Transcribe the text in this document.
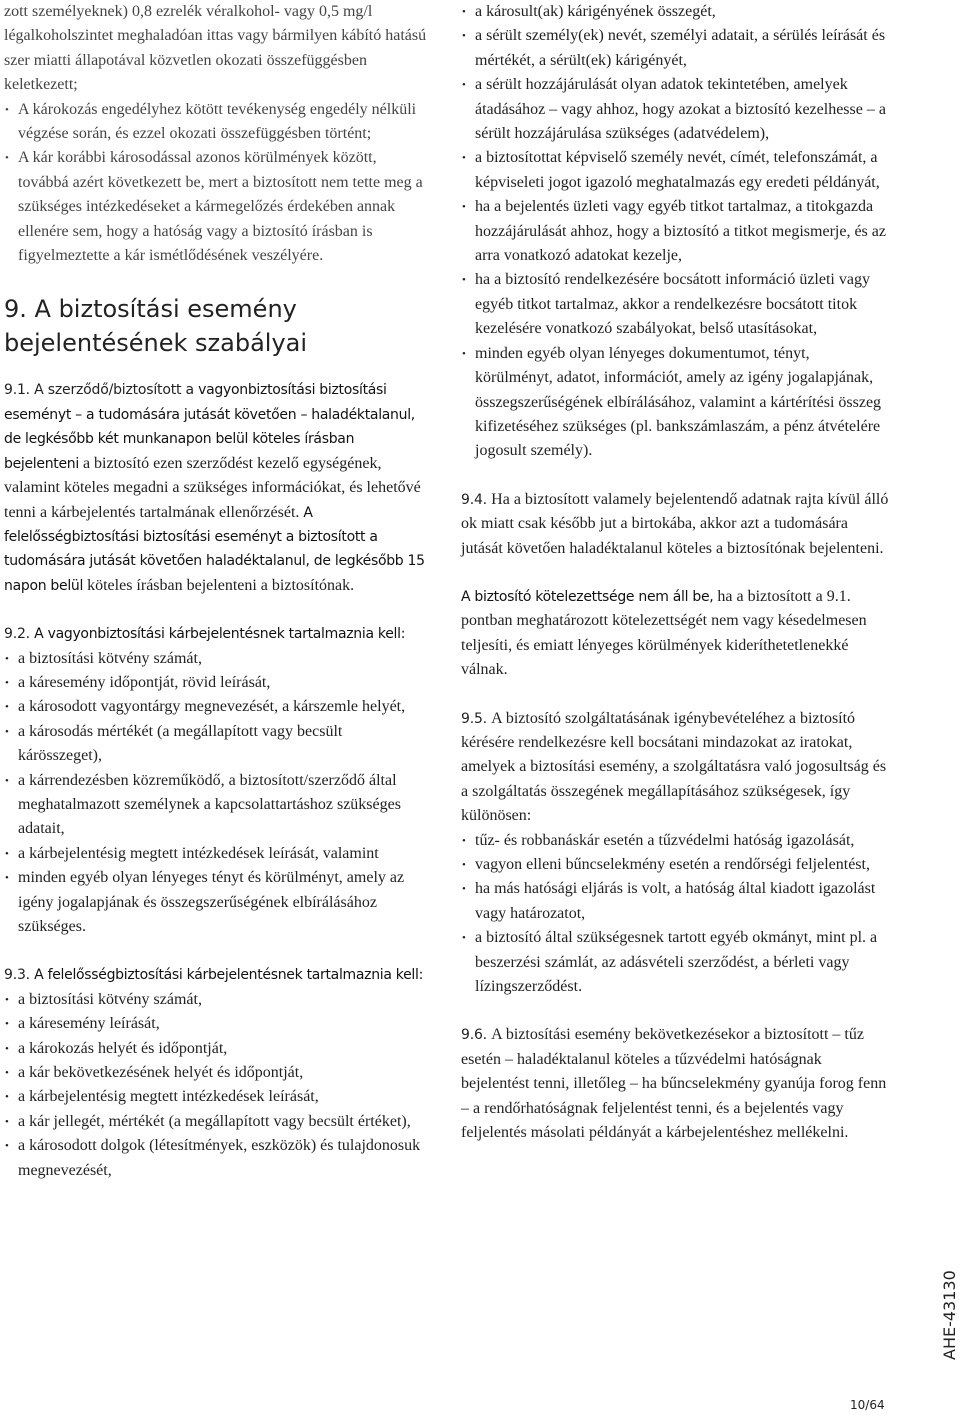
zott személyeknek) 0,8 ezrelék véralkohol- vagy 0,5 mg/l légalkoholszintet meghaladóan ittas vagy bármilyen kábító hatású szer miatti állapotával közvetlen okozati összefüggésben keletkezett;

• A károkozás engedélyhez kötött tevékenység engedély nélküli végzése során, és ezzel okozati összefüggésben történt;
• A kár korábbi károsodással azonos körülmények között, továbbá azért következett be, mert a biztosított nem tette meg a szükséges intézkedéseket a kármegelőzés érdekében annak ellenére sem, hogy a hatóság vagy a biztosító írásban is figyelmeztette a kár ismétlődésének veszélyére.
9. A biztosítási esemény bejelentésének szabályai

9.1. A szerződő/biztosított a vagyonbiztosítási biztosítási eseményt – a tudomására jutását követően – haladéktalanul, de legkésőbb két munkanapon belül köteles írásban bejelenteni a biztosító ezen szerződést kezelő egységének, valamint köteles megadni a szükséges információkat, és lehetővé tenni a kárbejelentés tartalmának ellenőrzését. A felelősségbiztosítási biztosítási eseményt a biztosított a tudomására jutását követően haladéktalanul, de legkésőbb 15 napon belül köteles írásban bejelenteni a biztosítónak.

9.2. A vagyonbiztosítási kárbejelentésnek tartalmaznia kell:

• a biztosítási kötvény számát,
• a káresemény időpontját, rövid leírását,
• a károsodott vagyontárgy megnevezését, a kárszemle helyét,
• a károsodás mértékét (a megállapított vagy becsült kárösszeget),
• a kárrendezésben közreműködő, a biztosított/szerződő által meghatalmazott személynek a kapcsolattartáshoz szükséges adatait,
• a kárbejelentésig megtett intézkedések leírását, valamint
• minden egyéb olyan lényeges tényt és körülményt, amely az igény jogalapjának és összegszerűségének elbírálásához szükséges.

9.3. A felelősségbiztosítási kárbejelentésnek tartalmaznia kell:

• a biztosítási kötvény számát,
• a káresemény leírását,
• a károkozás helyét és időpontját,
• a kár bekövetkezésének helyét és időpontját,
• a kárbejelentésig megtett intézkedések leírását,
• a kár jellegét, mértékét (a megállapított vagy becsült értéket),
• a károsodott dolgok (létesítmények, eszközök) és tulajdonosuk megnevezését,
• a károsult(ak) kárigényének összegét,
• a sérült személy(ek) nevét, személyi adatait, a sérülés leírását és mértékét, a sérült(ek) kárigényét,
• a sérült hozzájárulását olyan adatok tekintetében, amelyek átadásához – vagy ahhoz, hogy azokat a biztosító kezelhesse – a sérült hozzájárulása szükséges (adatvédelem),
• a biztosítottat képviselő személy nevét, címét, telefonszámát, a képviseleti jogot igazoló meghatalmazás egy eredeti példányát,
• ha a bejelentés üzleti vagy egyéb titkot tartalmaz, a titokgazda hozzájárulását ahhoz, hogy a biztosító a titkot megismerje, és az arra vonatkozó adatokat kezelje,
• ha a biztosító rendelkezésére bocsátott információ üzleti vagy egyéb titkot tartalmaz, akkor a rendelkezésre bocsátott titok kezelésére vonatkozó szabályokat, belső utasításokat,
• minden egyéb olyan lényeges dokumentumot, tényt, körülményt, adatot, információt, amely az igény jogalapjának, összegszerűségének elbírálásához, valamint a kártérítési összeg kifizetéséhez szükséges (pl. bankszámlaszám, a pénz átvételére jogosult személy).

9.4. Ha a biztosított valamely bejelentendő adatnak rajta kívül álló ok miatt csak később jut a birtokába, akkor azt a tudomására jutását követően haladéktalanul köteles a biztosítónak bejelenteni.

A biztosító kötelezettsége nem áll be, ha a biztosított a 9.1. pontban meghatározott kötelezettségét nem vagy késedelmesen teljesíti, és emiatt lényeges körülmények kideríthetetlenekké válnak.

9.5. A biztosító szolgáltatásának igénybevételéhez a biztosító kérésére rendelkezésre kell bocsátani mindazokat az iratokat, amelyek a biztosítási esemény, a szolgáltatásra való jogosultság és a szolgáltatás összegének megállapításához szükségesek, így különösen:

• tűz- és robbanáskár esetén a tűzvédelmi hatóság igazolását,
• vagyon elleni bűncselekmény esetén a rendőrségi feljelentést,
• ha más hatósági eljárás is volt, a hatóság által kiadott igazolást vagy határozatot,
• a biztosító által szükségesnek tartott egyéb okmányt, mint pl. a beszerzési számlát, az adásvételi szerződést, a bérleti vagy lízingszerződést.

9.6. A biztosítási esemény bekövetkezésekor a biztosított – tűz esetén – haladéktalanul köteles a tűzvédelmi hatóságnak bejelentést tenni, illetőleg – ha bűncselekmény gyanúja forog fenn – a rendőrhatóságnak feljelentést tenni, és a bejelentés vagy feljelentés másolati példányát a kárbejelentéshez mellékelni.

AHE-43130
10/64
